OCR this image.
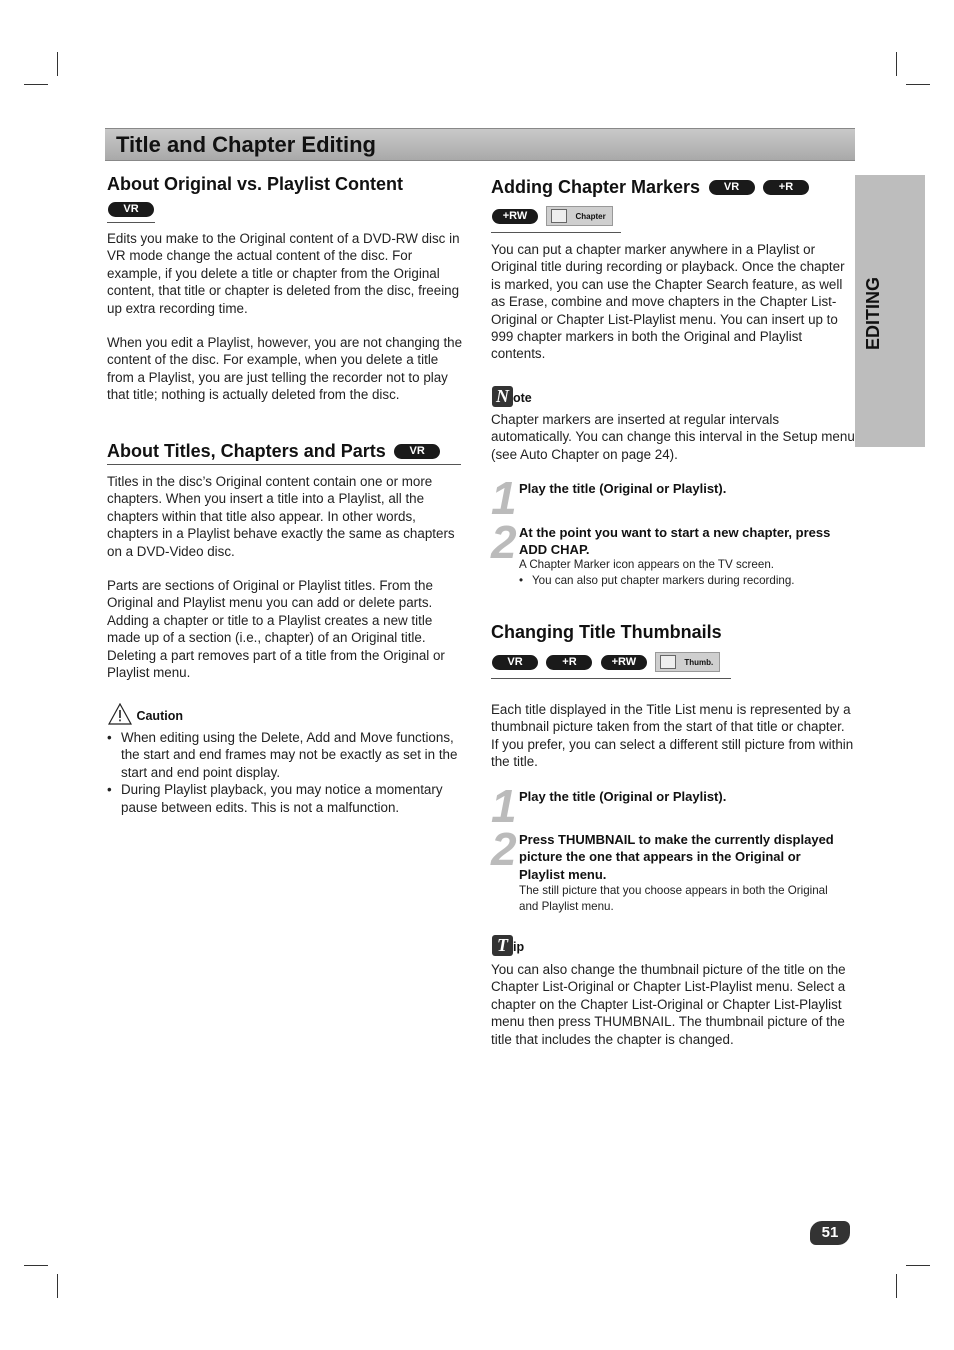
Title and Chapter Editing
EDITING
About Original vs. Playlist Content
VR

Edits you make to the Original content of a DVD-RW disc in VR mode change the actual content of the disc. For example, if you delete a title or chapter from the Original content, that title or chapter is deleted from the disc, freeing up extra recording time.

When you edit a Playlist, however, you are not changing the content of the disc. For example, when you delete a title from a Playlist, you are just telling the recorder not to play that title; nothing is actually deleted from the disc.

About Titles, Chapters and Parts VR

Titles in the disc’s Original content contain one or more chapters. When you insert a title into a Playlist, all the chapters within that title also appear. In other words, chapters in a Playlist behave exactly the same as chapters on a DVD-Video disc.

Parts are sections of Original or Playlist titles. From the Original and Playlist menu you can add or delete parts. Adding a chapter or title to a Playlist creates a new title made up of a section (i.e., chapter) of an Original title. Deleting a part removes part of a title from the Original or Playlist menu.

Caution
• When editing using the Delete, Add and Move functions, the start and end frames may not be exactly as set in the start and end point display.
• During Playlist playback, you may notice a momentary pause between edits. This is not a malfunction.
Adding Chapter Markers VR	+R
+RW	Chapter

You can put a chapter marker anywhere in a Playlist or Original title during recording or playback. Once the chapter is marked, you can use the Chapter Search feature, as well as Erase, combine and move chapters in the Chapter List-Original or Chapter List-Playlist menu. You can insert up to 999 chapter markers in both the Original and Playlist contents.

N ote

Chapter markers are inserted at regular intervals automatically. You can change this interval in the Setup menu (see Auto Chapter on page 24).

1 Play the title (Original or Playlist).

2 At the point you want to start a new chapter, press ADD CHAP.

A Chapter Marker icon appears on the TV screen.

• You can also put chapter markers during recording.
Changing Title Thumbnails
VR	+R	+RW	Thumb.

Each title displayed in the Title List menu is represented by a thumbnail picture taken from the start of that title or chapter. If you prefer, you can select a different still picture from within the title.

1 Play the title (Original or Playlist).

2 Press THUMBNAIL to make the currently displayed picture the one that appears in the Original or Playlist menu.

The still picture that you choose appears in both the Original and Playlist menu.

T ip

You can also change the thumbnail picture of the title on the Chapter List-Original or Chapter List-Playlist menu. Select a chapter on the Chapter List-Original or Chapter List-Playlist menu then press THUMBNAIL. The thumbnail picture of the title that includes the chapter is changed.

51
